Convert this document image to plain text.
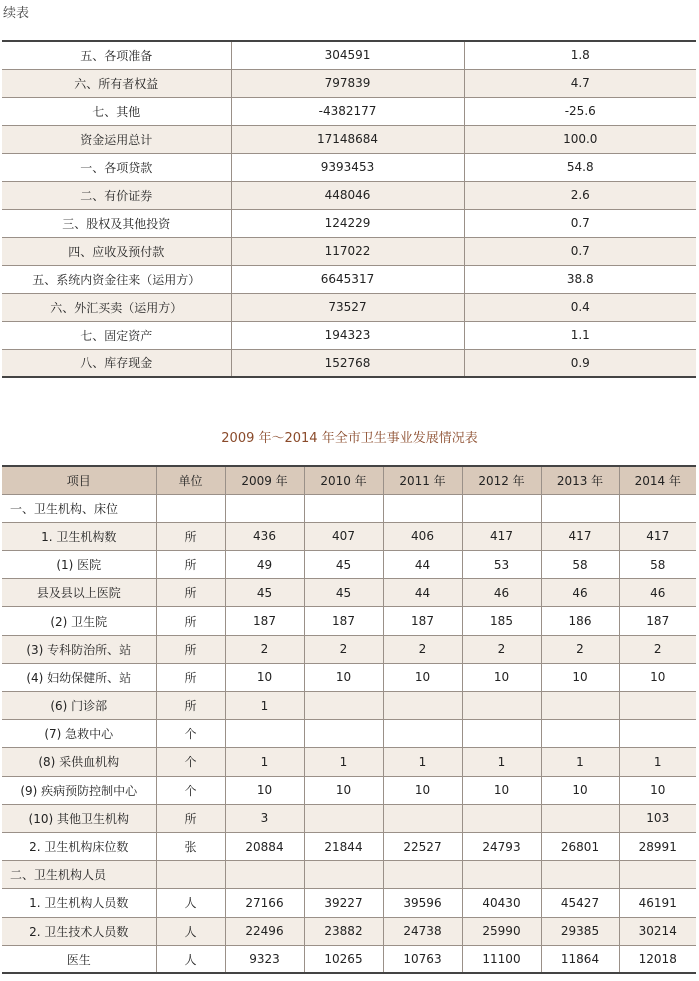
续表
五、各项准备	304591	1.8
六、所有者权益	797839	4.7
七、其他	-4382177	-25.6
资金运用总计	17148684	100.0
一、各项贷款	9393453	54.8
二、有价证券	448046	2.6
三、股权及其他投资	124229	0.7
四、应收及预付款	117022	0.7
五、系统内资金往来（运用方）	6645317	38.8
六、外汇买卖（运用方）	73527	0.4
七、固定资产	194323	1.1
八、库存现金	152768	0.9
2009 年～2014 年全市卫生事业发展情况表
项目	单位	2009 年	2010 年	2011 年	2012 年	2013 年	2014 年
一、卫生机构、床位							
1. 卫生机构数	所	436	407	406	417	417	417
(1) 医院	所	49	45	44	53	58	58
县及县以上医院	所	45	45	44	46	46	46
(2) 卫生院	所	187	187	187	185	186	187
(3) 专科防治所、站	所	2	2	2	2	2	2
(4) 妇幼保健所、站	所	10	10	10	10	10	10
(6) 门诊部	所	1					
(7) 急救中心	个						
(8) 采供血机构	个	1	1	1	1	1	1
(9) 疾病预防控制中心	个	10	10	10	10	10	10
(10) 其他卫生机构	所	3					103
2. 卫生机构床位数	张	20884	21844	22527	24793	26801	28991
二、卫生机构人员							
1. 卫生机构人员数	人	27166	39227	39596	40430	45427	46191
2. 卫生技术人员数	人	22496	23882	24738	25990	29385	30214
医生	人	9323	10265	10763	11100	11864	12018
